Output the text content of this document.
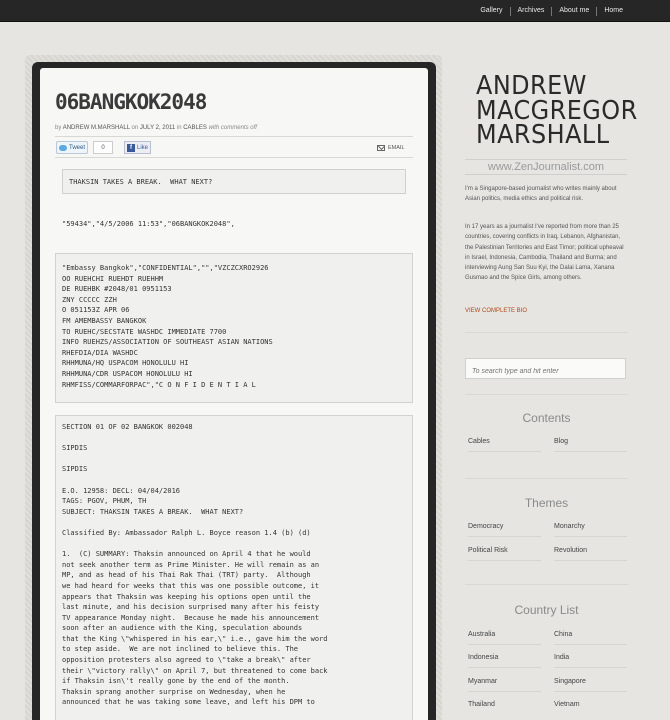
Gallery	Archives	About me	Home
06BANGKOK2048
by ANDREW M.MARSHALL on JULY 2, 2011 in CABLES with comments off
Tweet	0	f Like	EMAIL
THAKSIN TAKES A BREAK.  WHAT NEXT?
"59434","4/5/2006 11:53","06BANGKOK2048",
"Embassy Bangkok","CONFIDENTIAL","","VZCZCXRO2926
OO RUEHCHI RUEHDT RUEHHM
DE RUEHBK #2048/01 0951153
ZNY CCCCC ZZH
O 051153Z APR 06
FM AMEMBASSY BANGKOK
TO RUEHC/SECSTATE WASHDC IMMEDIATE 7700
INFO RUEHZS/ASSOCIATION OF SOUTHEAST ASIAN NATIONS
RHEFDIA/DIA WASHDC
RHHMUNA/HQ USPACOM HONOLULU HI
RHHMUNA/CDR USPACOM HONOLULU HI
RHMFISS/COMMARFORPAC","C O N F I D E N T I A L
SECTION 01 OF 02 BANGKOK 002048

SIPDIS

SIPDIS

E.O. 12958: DECL: 04/04/2016
TAGS: PGOV, PHUM, TH
SUBJECT: THAKSIN TAKES A BREAK.  WHAT NEXT?

Classified By: Ambassador Ralph L. Boyce reason 1.4 (b) (d)

1.  (C) SUMMARY: Thaksin announced on April 4 that he would
not seek another term as Prime Minister. He will remain as an
MP, and as head of his Thai Rak Thai (TRT) party.  Although
we had heard for weeks that this was one possible outcome, it
appears that Thaksin was keeping his options open until the
last minute, and his decision surprised many after his feisty
TV appearance Monday night.  Because he made his announcement
soon after an audience with the King, speculation abounds
that the King \"whispered in his ear,\" i.e., gave him the word
to step aside.  We are not inclined to believe this. The
opposition protesters also agreed to \"take a break\" after
their \"victory rally\" on April 7, but threatened to come back
if Thaksin isn\'t really gone by the end of the month.
Thaksin sprang another surprise on Wednesday, when he
announced that he was taking some leave, and left his DPM to
ANDREW
MACGREGOR
MARSHALL
www.ZenJournalist.com

I'm a Singapore-based journalist who writes mainly about Asian politics, media ethics and political risk.

In 17 years as a journalist I've reported from more than 25 countries, covering conflicts in Iraq, Lebanon, Afghanistan, the Palestinian Territories and East Timor; political upheaval in Israel, Indonesia, Cambodia, Thailand and Burma; and interviewing Aung San Suu Kyi, the Dalai Lama, Xanana Gusmao and the Spice Girls, among others.

VIEW COMPLETE BIO
To search type and hit enter
Contents
Cables	Blog
Themes
Democracy	Monarchy
Political Risk	Revolution
Country List
Australia	China
Indonesia	India
Myanmar	Singapore
Thailand	Vietnam
